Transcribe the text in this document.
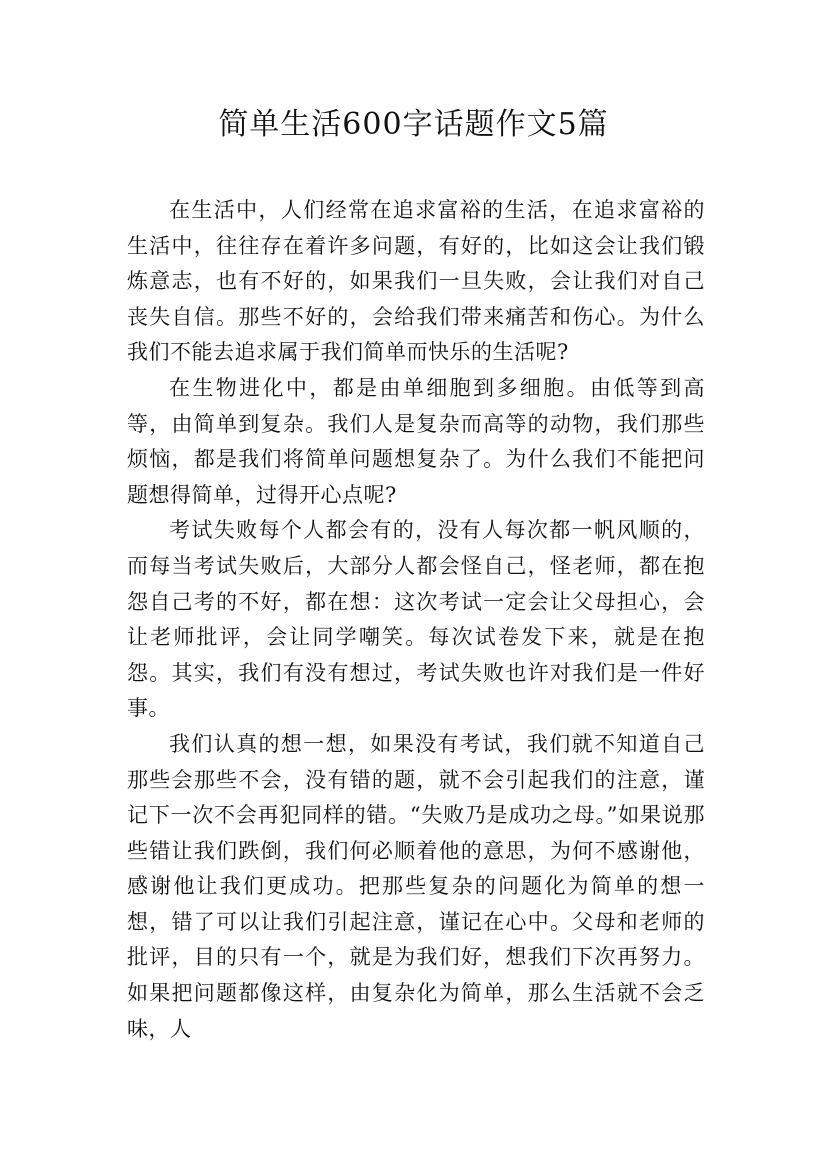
简单生活600字话题作文5篇

在生活中，人们经常在追求富裕的生活，在追求富裕的生活中，往往存在着许多问题，有好的，比如这会让我们锻炼意志，也有不好的，如果我们一旦失败，会让我们对自己丧失自信。那些不好的，会给我们带来痛苦和伤心。为什么我们不能去追求属于我们简单而快乐的生活呢?

在生物进化中，都是由单细胞到多细胞。由低等到高等，由简单到复杂。我们人是复杂而高等的动物，我们那些烦恼，都是我们将简单问题想复杂了。为什么我们不能把问题想得简单，过得开心点呢?

考试失败每个人都会有的，没有人每次都一帆风顺的，而每当考试失败后，大部分人都会怪自己，怪老师，都在抱怨自己考的不好，都在想：这次考试一定会让父母担心，会让老师批评，会让同学嘲笑。每次试卷发下来，就是在抱怨。其实，我们有没有想过，考试失败也许对我们是一件好事。

我们认真的想一想，如果没有考试，我们就不知道自己那些会那些不会，没有错的题，就不会引起我们的注意，谨记下一次不会再犯同样的错。“失败乃是成功之母。”如果说那些错让我们跌倒，我们何必顺着他的意思，为何不感谢他，感谢他让我们更成功。把那些复杂的问题化为简单的想一想，错了可以让我们引起注意，谨记在心中。父母和老师的批评，目的只有一个，就是为我们好，想我们下次再努力。如果把问题都像这样，由复杂化为简单，那么生活就不会乏味，人
